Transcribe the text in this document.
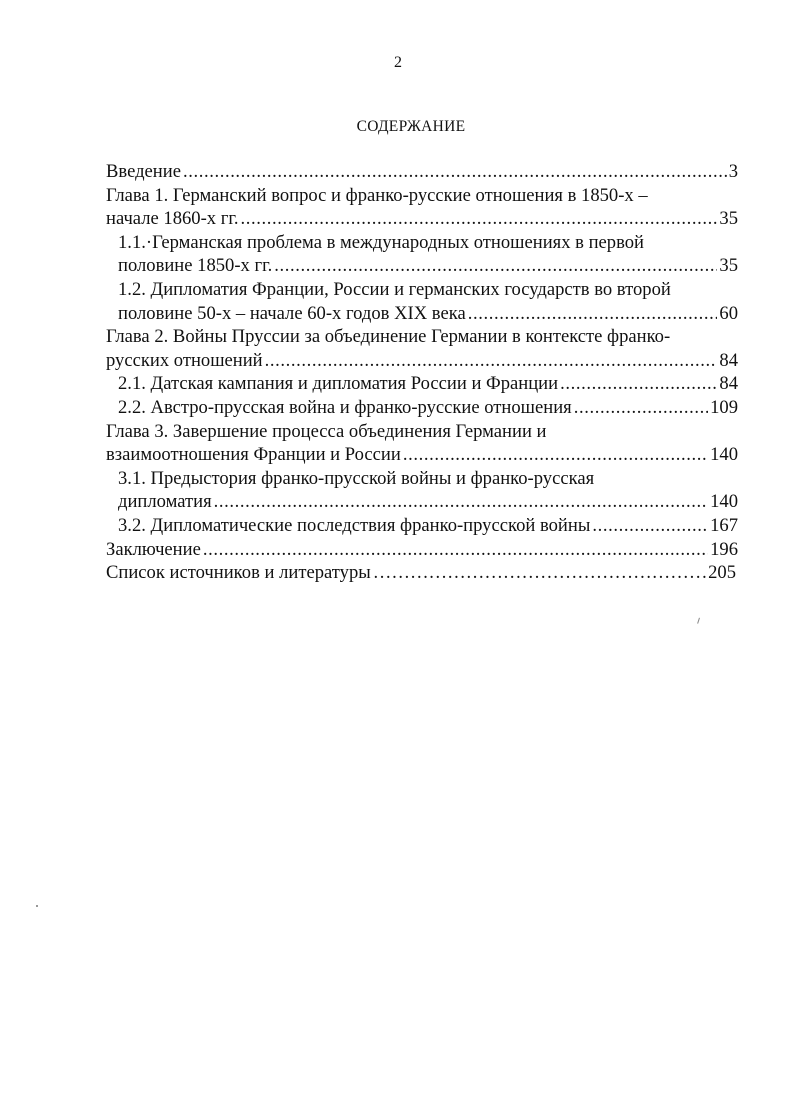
2
СОДЕРЖАНИЕ
Введение .....	3
Глава 1. Германский вопрос и франко-русские отношения в 1850-х –
начале 1860-х гг. .....	35
1.1.·Германская проблема в международных отношениях в первой
половине 1850-х гг. .....	35
1.2. Дипломатия Франции, России и германских государств во второй
половине 50-х – начале 60-х годов XIX века .....	60
Глава 2. Войны Пруссии за объединение Германии в контексте франко-
русских отношений .....	84
2.1. Датская кампания и дипломатия России и Франции .....	84
2.2. Австро-прусская война и франко-русские отношения .....	109
Глава 3. Завершение процесса объединения Германии и
взаимоотношения Франции и России .....	140
3.1. Предыстория франко-прусской войны и франко-русская
дипломатия .....	140
3.2. Дипломатические последствия франко-прусской войны .....	167
Заключение .....	196
Список источников и литературы ……………………………………………………………………………………………………………	205
